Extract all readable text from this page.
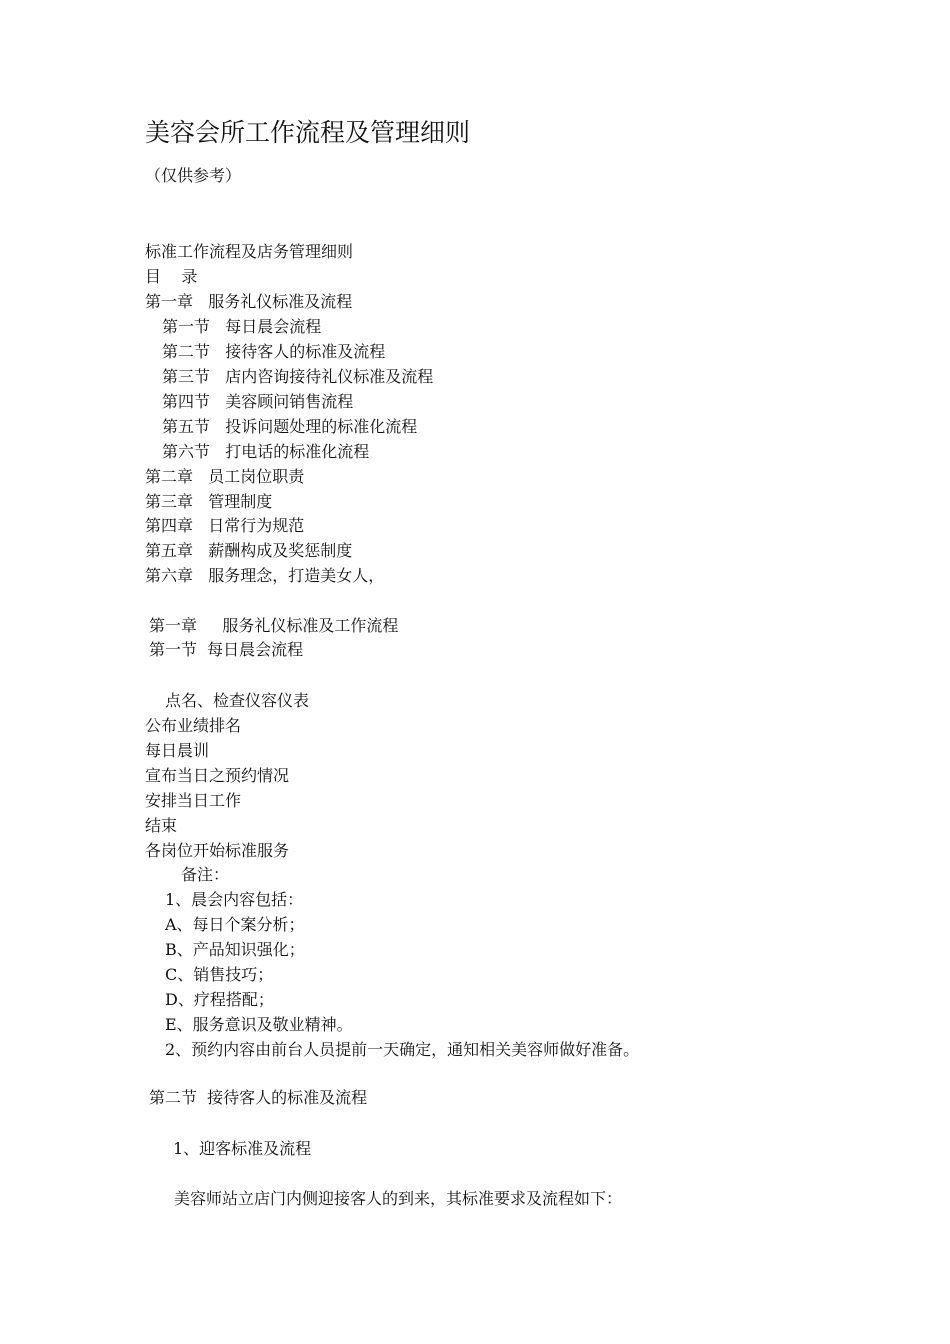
美容会所工作流程及管理细则
（仅供参考）
标准工作流程及店务管理细则
目    录
第一章   服务礼仪标准及流程
第一节   每日晨会流程
第二节   接待客人的标准及流程
第三节   店内咨询接待礼仪标准及流程
第四节   美容顾问销售流程
第五节   投诉问题处理的标准化流程
第六节   打电话的标准化流程
第二章   员工岗位职责
第三章   管理制度
第四章   日常行为规范
第五章   薪酬构成及奖惩制度
第六章   服务理念，打造美女人，
第一章     服务礼仪标准及工作流程
第一节  每日晨会流程
点名、检查仪容仪表
公布业绩排名
每日晨训
宣布当日之预约情况
安排当日工作
结束
各岗位开始标准服务
备注：
1、晨会内容包括：
A、每日个案分析；
B、产品知识强化；
C、销售技巧；
D、疗程搭配；
E、服务意识及敬业精神。
2、预约内容由前台人员提前一天确定，通知相关美容师做好准备。
第二节  接待客人的标准及流程
1、迎客标准及流程
美容师站立店门内侧迎接客人的到来，其标准要求及流程如下：
